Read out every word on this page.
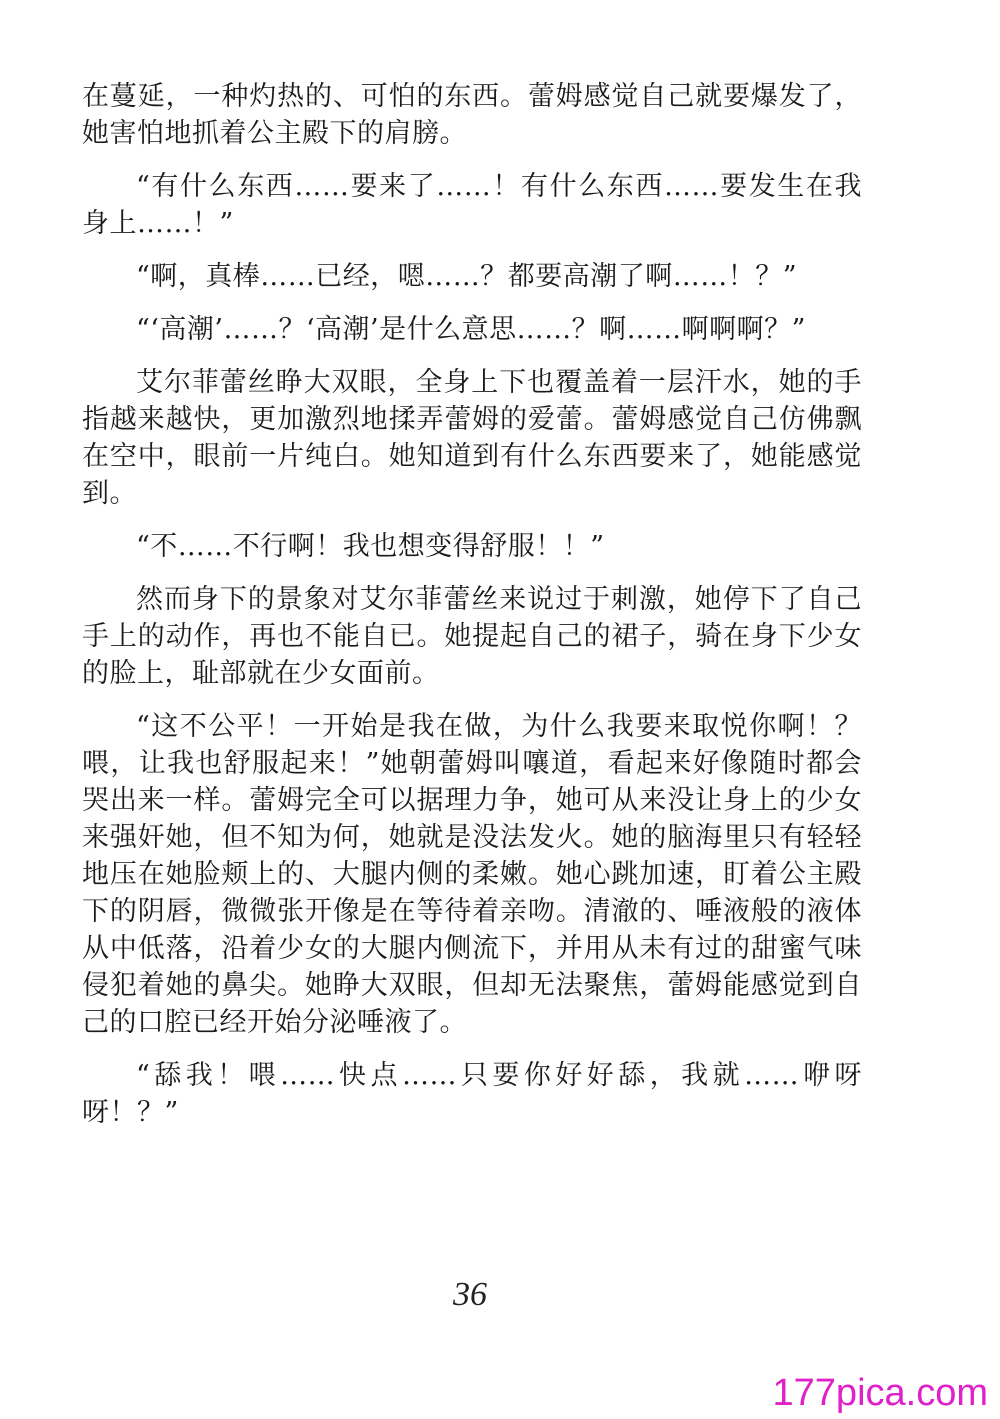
在蔓延，一种灼热的、可怕的东西。蕾姆感觉自己就要爆发了，她害怕地抓着公主殿下的肩膀。

“有什么东西……要来了……！有什么东西……要发生在我身上……！”

“啊，真棒……已经，嗯……？都要高潮了啊……！？”

“‘高潮’……？‘高潮’是什么意思……？啊……啊啊啊？”

艾尔菲蕾丝睁大双眼，全身上下也覆盖着一层汗水，她的手指越来越快，更加激烈地揉弄蕾姆的爱蕾。蕾姆感觉自己仿佛飘在空中，眼前一片纯白。她知道到有什么东西要来了，她能感觉到。

“不……不行啊！我也想变得舒服！！”

然而身下的景象对艾尔菲蕾丝来说过于刺激，她停下了自己手上的动作，再也不能自已。她提起自己的裙子，骑在身下少女的脸上，耻部就在少女面前。

“这不公平！一开始是我在做，为什么我要来取悦你啊！？喂，让我也舒服起来！”她朝蕾姆叫嚷道，看起来好像随时都会哭出来一样。蕾姆完全可以据理力争，她可从来没让身上的少女来强奸她，但不知为何，她就是没法发火。她的脑海里只有轻轻地压在她脸颊上的、大腿内侧的柔嫩。她心跳加速，盯着公主殿下的阴唇，微微张开像是在等待着亲吻。清澈的、唾液般的液体从中低落，沿着少女的大腿内侧流下，并用从未有过的甜蜜气味侵犯着她的鼻尖。她睁大双眼，但却无法聚焦，蕾姆能感觉到自己的口腔已经开始分泌唾液了。

“舔我！喂……快点……只要你好好舔，我就……咿呀呀！？”

36
177pica.com
